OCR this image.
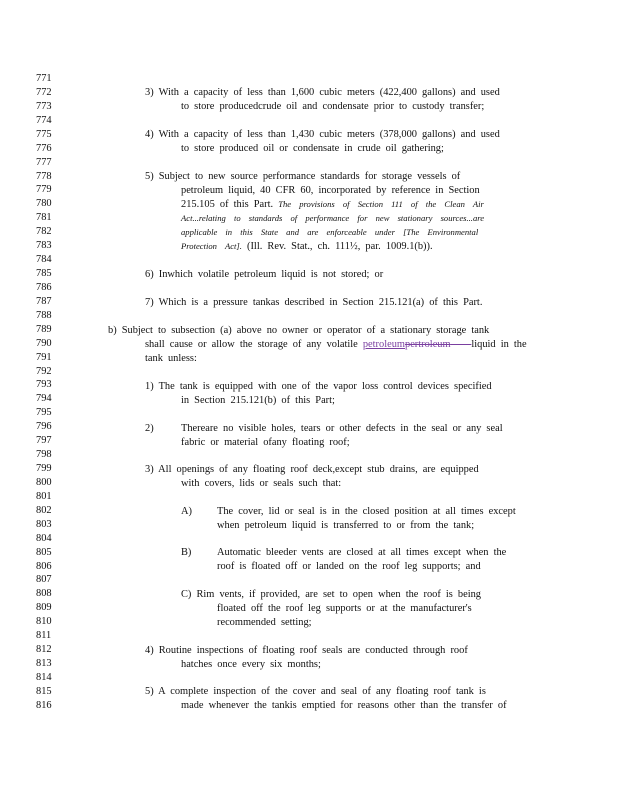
771
772
773
774
775
776
777
778
779
780
781
782
783
784
785
786
787
788
789
790
791
792
793
794
795
796
797
798
799
800
801
802
803
804
805
806
807
808
809
810
811
812
813
814
815
816
3) With a capacity of less than 1,600 cubic meters (422,400 gallons) and used
to store producedcrude oil and condensate prior to custody transfer;
4) With a capacity of less than 1,430 cubic meters (378,000 gallons) and used
to store produced oil or condensate in crude oil gathering;
5) Subject to new source performance standards for storage vessels of
petroleum liquid, 40 CFR 60, incorporated by reference in Section
215.105 of this Part. The provisions of Section 111 of the Clean Air
Act...relating to standards of performance for new stationary sources...are
applicable in this State and are enforceable under [The Environmental
Protection Act]. (Ill. Rev. Stat., ch. 111½, par. 1009.1(b)).
6) Inwhich volatile petroleum liquid is not stored; or
7) Which is a pressure tankas described in Section 215.121(a) of this Part.
b) Subject to subsection (a) above no owner or operator of a stationary storage tank
shall cause or allow the storage of any volatile petroleumpertroleum   liquid in the
tank unless:
1) The tank is equipped with one of the vapor loss control devices specified
in Section 215.121(b) of this Part;
2)	Thereare no visible holes, tears or other defects in the seal or any seal
fabric or material ofany floating roof;
3) All openings of any floating roof deck,except stub drains, are equipped
with covers, lids or seals such that:
A) The cover, lid or seal is in the closed position at all times except
when petroleum liquid is transferred to or from the tank;
B) Automatic bleeder vents are closed at all times except when the
roof is floated off or landed on the roof leg supports; and
C) Rim vents, if provided, are set to open when the roof is being
floated off the roof leg supports or at the manufacturer's
recommended setting;
4) Routine inspections of floating roof seals are conducted through roof
hatches once every six months;
5) A complete inspection of the cover and seal of any floating roof tank is
made whenever the tankis emptied for reasons other than the transfer of
